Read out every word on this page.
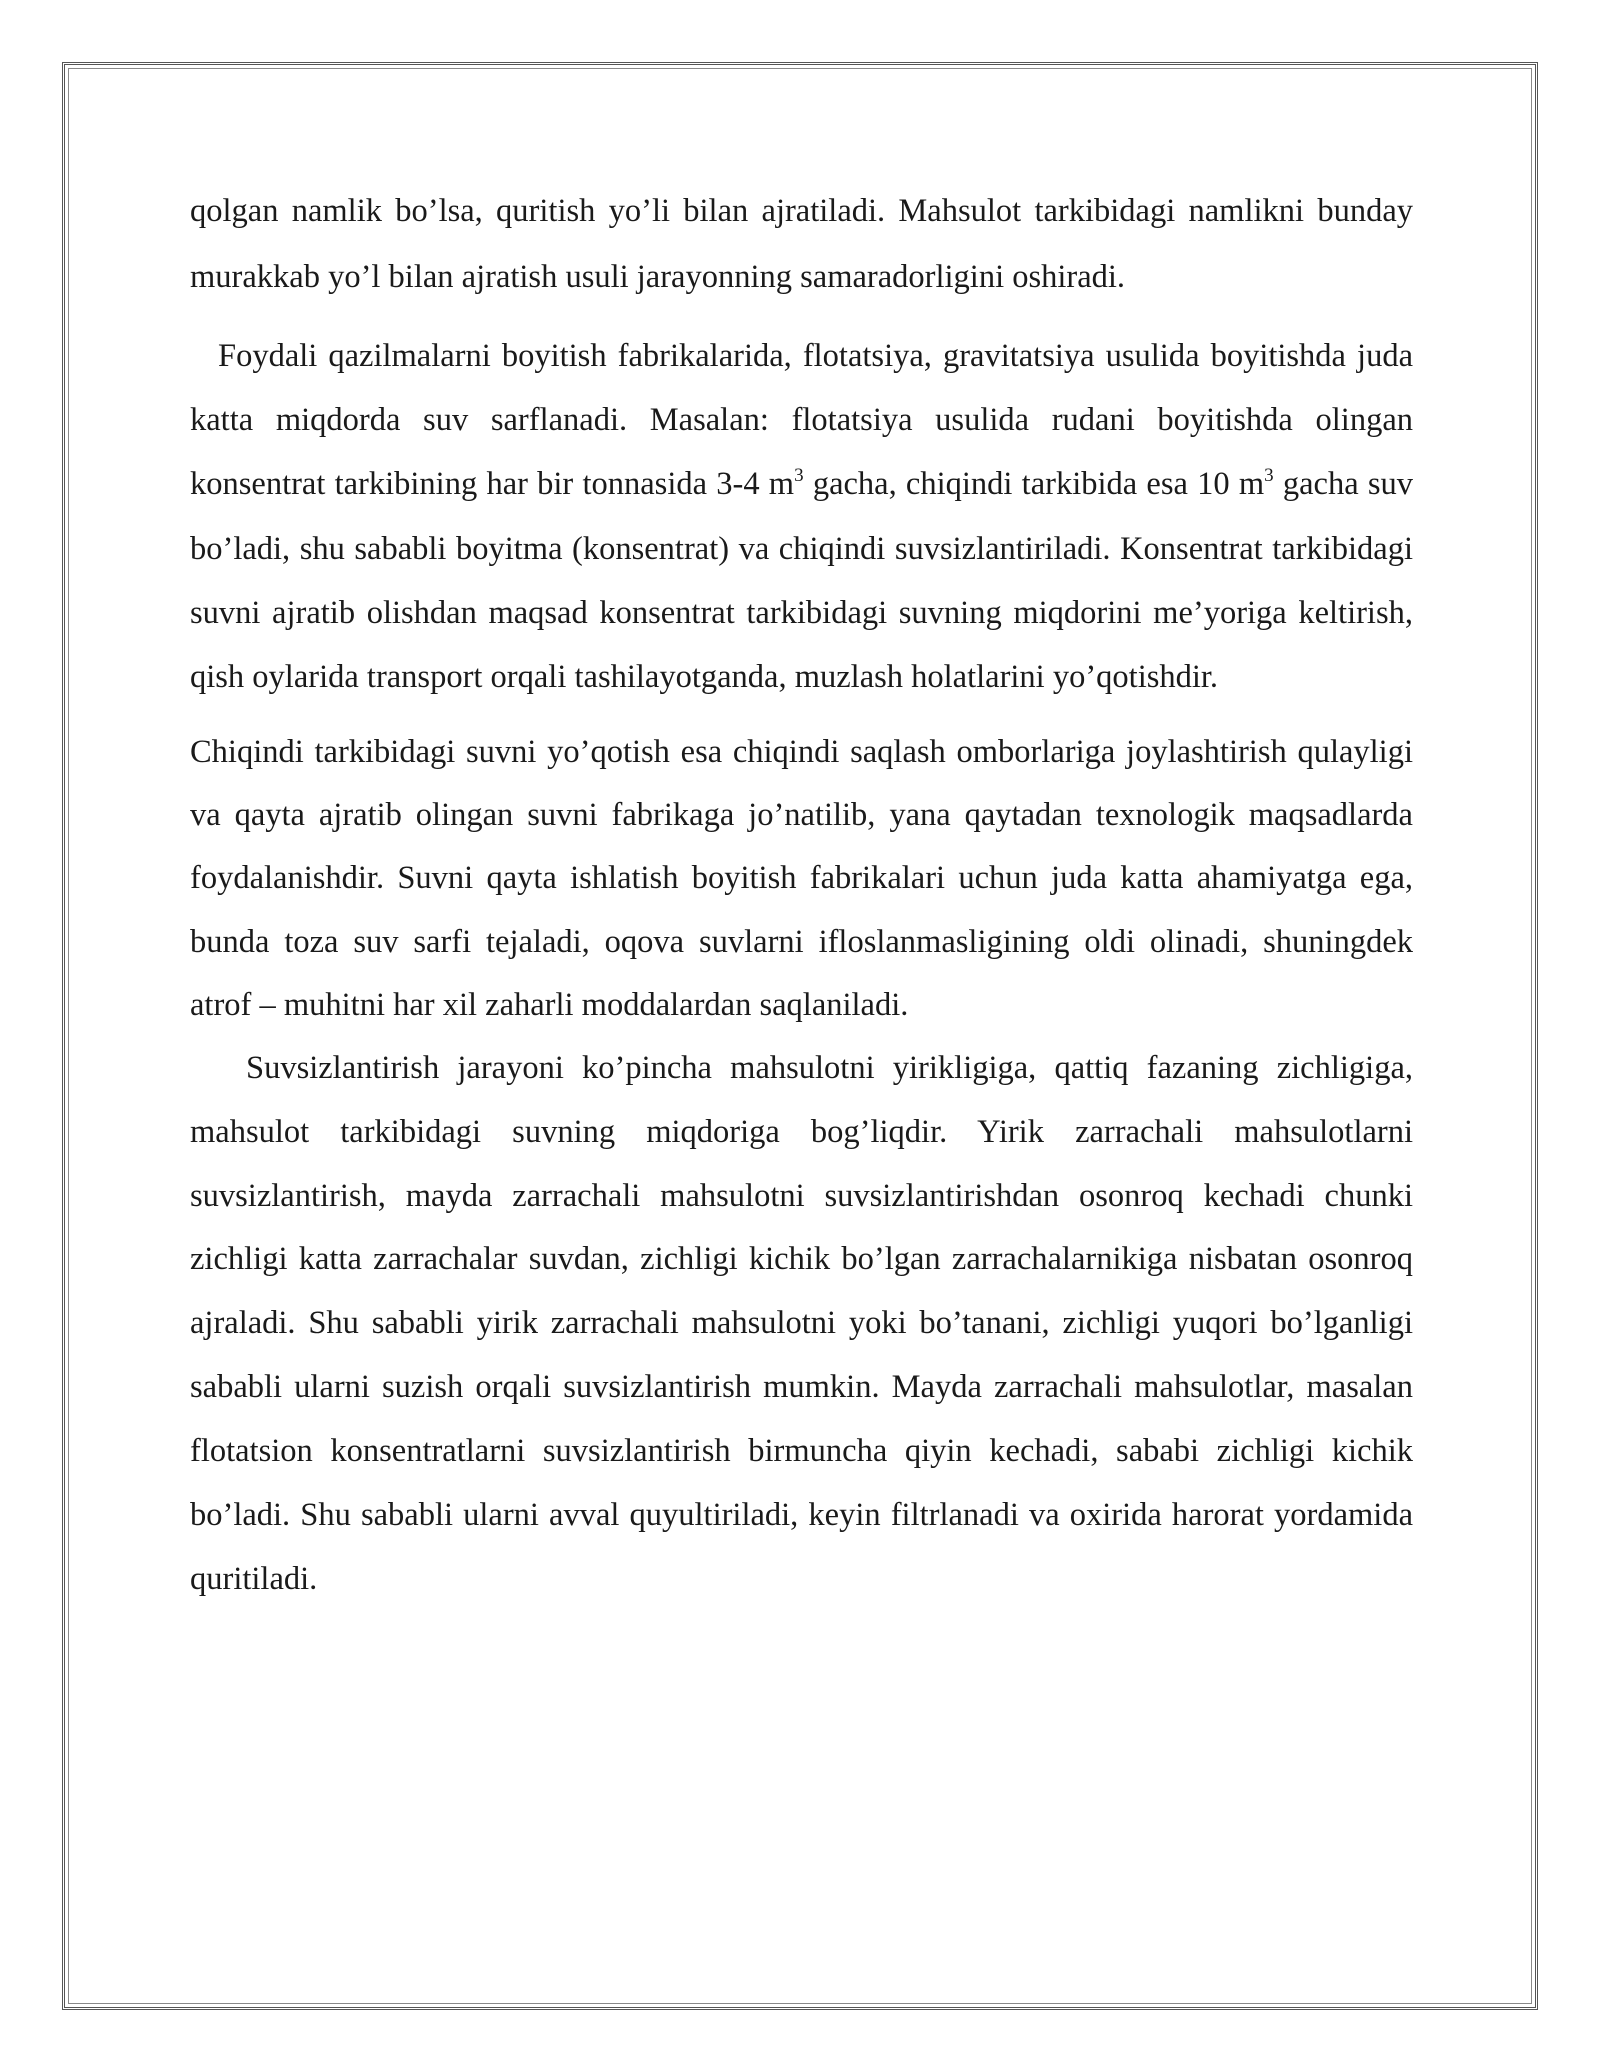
qolgan namlik bo’lsa, quritish yo’li bilan ajratiladi. Mahsulot tarkibidagi namlikni bunday murakkab yo’l bilan ajratish usuli jarayonning samaradorligini oshiradi.

Foydali qazilmalarni boyitish fabrikalarida, flotatsiya, gravitatsiya usulida boyitishda juda katta miqdorda suv sarflanadi. Masalan: flotatsiya usulida rudani boyitishda olingan konsentrat tarkibining har bir tonnasida 3-4 $m^3$ gacha, chiqindi tarkibida esa 10 $m^3$ gacha suv bo’ladi, shu sababli boyitma (konsentrat) va chiqindi suvsizlantiriladi. Konsentrat tarkibidagi suvni ajratib olishdan maqsad konsentrat tarkibidagi suvning miqdorini me’yoriga keltirish, qish oylarida transport orqali tashilayotganda, muzlash holatlarini yo’qotishdir.

Chiqindi tarkibidagi suvni yo’qotish esa chiqindi saqlash omborlariga joylashtirish qulayligi va qayta ajratib olingan suvni fabrikaga jo’natilib, yana qaytadan texnologik maqsadlarda foydalanishdir. Suvni qayta ishlatish boyitish fabrikalari uchun juda katta ahamiyatga ega, bunda toza suv sarfi tejaladi, oqova suvlarni ifloslanmasligining oldi olinadi, shuningdek atrof – muhitni har xil zaharli moddalardan saqlaniladi.

Suvsizlantirish jarayoni ko’pincha mahsulotni yirikligiga, qattiq fazaning zichligiga, mahsulot tarkibidagi suvning miqdoriga bog’liqdir. Yirik zarrachali mahsulotlarni suvsizlantirish, mayda zarrachali mahsulotni suvsizlantirishdan osonroq kechadi chunki zichligi katta zarrachalar suvdan, zichligi kichik bo’lgan zarrachalarnikiga nisbatan osonroq ajraladi. Shu sababli yirik zarrachali mahsulotni yoki bo’tanani, zichligi yuqori bo’lganligi sababli ularni suzish orqali suvsizlantirish mumkin. Mayda zarrachali mahsulotlar, masalan flotatsion konsentratlarni suvsizlantirish birmuncha qiyin kechadi, sababi zichligi kichik bo’ladi. Shu sababli ularni avval quyultiriladi, keyin filtrlanadi va oxirida harorat yordamida quritiladi.
